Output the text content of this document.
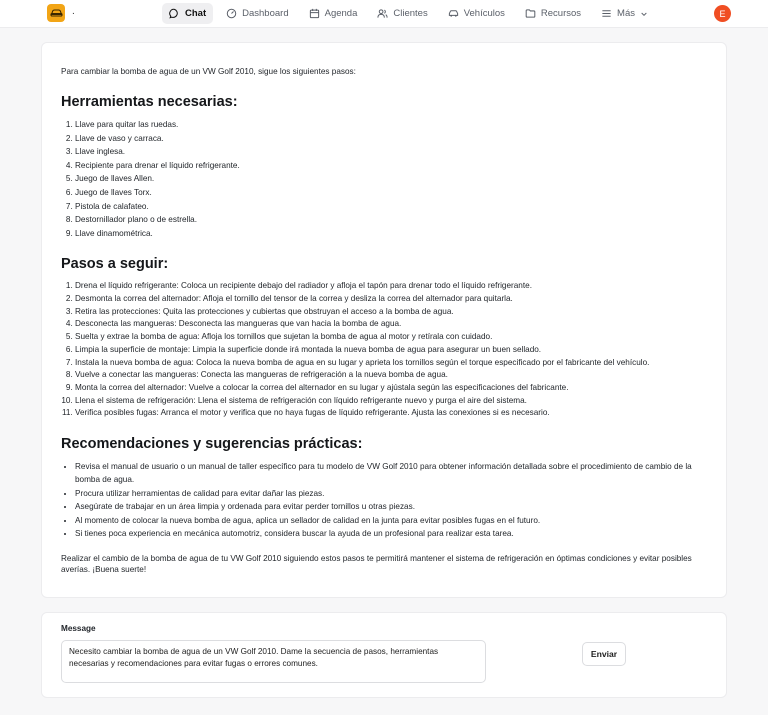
.	Chat	Dashboard	Agenda	Clientes	Vehículos	Recursos	Más	E

Para cambiar la bomba de agua de un VW Golf 2010, sigue los siguientes pasos:

Herramientas necesarias:
1. Llave para quitar las ruedas.
2. Llave de vaso y carraca.
3. Llave inglesa.
4. Recipiente para drenar el líquido refrigerante.
5. Juego de llaves Allen.
6. Juego de llaves Torx.
7. Pistola de calafateo.
8. Destornillador plano o de estrella.
9. Llave dinamométrica.
Pasos a seguir:
1. Drena el líquido refrigerante: Coloca un recipiente debajo del radiador y afloja el tapón para drenar todo el líquido refrigerante.
2. Desmonta la correa del alternador: Afloja el tornillo del tensor de la correa y desliza la correa del alternador para quitarla.
3. Retira las protecciones: Quita las protecciones y cubiertas que obstruyan el acceso a la bomba de agua.
4. Desconecta las mangueras: Desconecta las mangueras que van hacia la bomba de agua.
5. Suelta y extrae la bomba de agua: Afloja los tornillos que sujetan la bomba de agua al motor y retírala con cuidado.
6. Limpia la superficie de montaje: Limpia la superficie donde irá montada la nueva bomba de agua para asegurar un buen sellado.
7. Instala la nueva bomba de agua: Coloca la nueva bomba de agua en su lugar y aprieta los tornillos según el torque especificado por el fabricante del vehículo.
8. Vuelve a conectar las mangueras: Conecta las mangueras de refrigeración a la nueva bomba de agua.
9. Monta la correa del alternador: Vuelve a colocar la correa del alternador en su lugar y ajústala según las especificaciones del fabricante.
10. Llena el sistema de refrigeración: Llena el sistema de refrigeración con líquido refrigerante nuevo y purga el aire del sistema.
11. Verifica posibles fugas: Arranca el motor y verifica que no haya fugas de líquido refrigerante. Ajusta las conexiones si es necesario.
Recomendaciones y sugerencias prácticas:
• Revisa el manual de usuario o un manual de taller específico para tu modelo de VW Golf 2010 para obtener información detallada sobre el procedimiento de cambio de la bomba de agua.
• Procura utilizar herramientas de calidad para evitar dañar las piezas.
• Asegúrate de trabajar en un área limpia y ordenada para evitar perder tornillos u otras piezas.
• Al momento de colocar la nueva bomba de agua, aplica un sellador de calidad en la junta para evitar posibles fugas en el futuro.
• Si tienes poca experiencia en mecánica automotriz, considera buscar la ayuda de un profesional para realizar esta tarea.

Realizar el cambio de la bomba de agua de tu VW Golf 2010 siguiendo estos pasos te permitirá mantener el sistema de refrigeración en óptimas condiciones y evitar posibles averías. ¡Buena suerte!

Message
Necesito cambiar la bomba de agua de un VW Golf 2010. Dame la secuencia de pasos, herramientas necesarias y recomendaciones para evitar fugas o errores comunes.
Enviar
